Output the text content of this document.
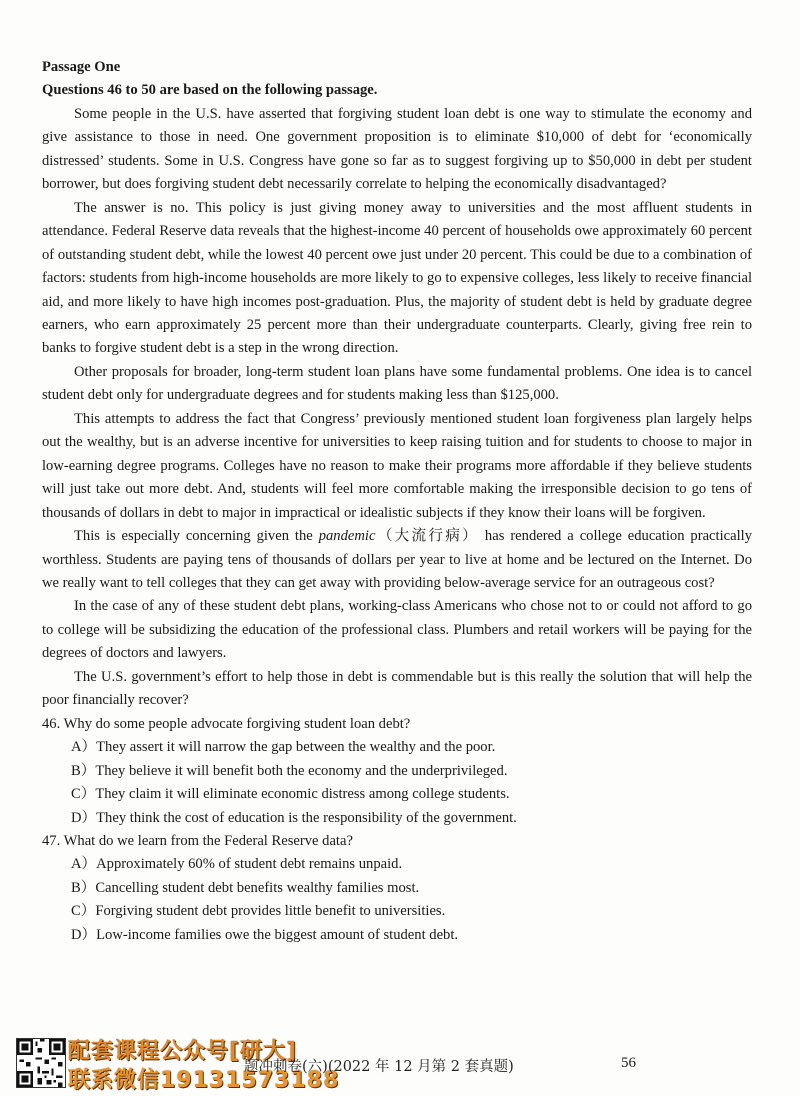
Passage One

Questions 46 to 50 are based on the following passage.

Some people in the U.S. have asserted that forgiving student loan debt is one way to stimulate the economy and give assistance to those in need. One government proposition is to eliminate $10,000 of debt for ‘economically distressed’ students. Some in U.S. Congress have gone so far as to suggest forgiving up to $50,000 in debt per student borrower, but does forgiving student debt necessarily correlate to helping the economically disadvantaged?

The answer is no. This policy is just giving money away to universities and the most affluent students in attendance. Federal Reserve data reveals that the highest-income 40 percent of households owe approximately 60 percent of outstanding student debt, while the lowest 40 percent owe just under 20 percent. This could be due to a combination of factors: students from high-income households are more likely to go to expensive colleges, less likely to receive financial aid, and more likely to have high incomes post-graduation. Plus, the majority of student debt is held by graduate degree earners, who earn approximately 25 percent more than their undergraduate counterparts. Clearly, giving free rein to banks to forgive student debt is a step in the wrong direction.

Other proposals for broader, long-term student loan plans have some fundamental problems. One idea is to cancel student debt only for undergraduate degrees and for students making less than $125,000.

This attempts to address the fact that Congress’ previously mentioned student loan forgiveness plan largely helps out the wealthy, but is an adverse incentive for universities to keep raising tuition and for students to choose to major in low-earning degree programs. Colleges have no reason to make their programs more affordable if they believe students will just take out more debt. And, students will feel more comfortable making the irresponsible decision to go tens of thousands of dollars in debt to major in impractical or idealistic subjects if they know their loans will be forgiven.

This is especially concerning given the pandemic（大流行病） has rendered a college education practically worthless. Students are paying tens of thousands of dollars per year to live at home and be lectured on the Internet. Do we really want to tell colleges that they can get away with providing below-average service for an outrageous cost?

In the case of any of these student debt plans, working-class Americans who chose not to or could not afford to go to college will be subsidizing the education of the professional class. Plumbers and retail workers will be paying for the degrees of doctors and lawyers.

The U.S. government’s effort to help those in debt is commendable but is this really the solution that will help the poor financially recover?

46. Why do some people advocate forgiving student loan debt?

A）They assert it will narrow the gap between the wealthy and the poor.

B）They believe it will benefit both the economy and the underprivileged.

C）They claim it will eliminate economic distress among college students.

D）They think the cost of education is the responsibility of the government.

47. What do we learn from the Federal Reserve data?

A）Approximately 60% of student debt remains unpaid.

B）Cancelling student debt benefits wealthy families most.

C）Forgiving student debt provides little benefit to universities.

D）Low-income families owe the biggest amount of student debt.

配套课程公众号[研大]
联系微信19131573188
题冲刺卷(六)(2022 年 12 月第 2 套真题)	56
